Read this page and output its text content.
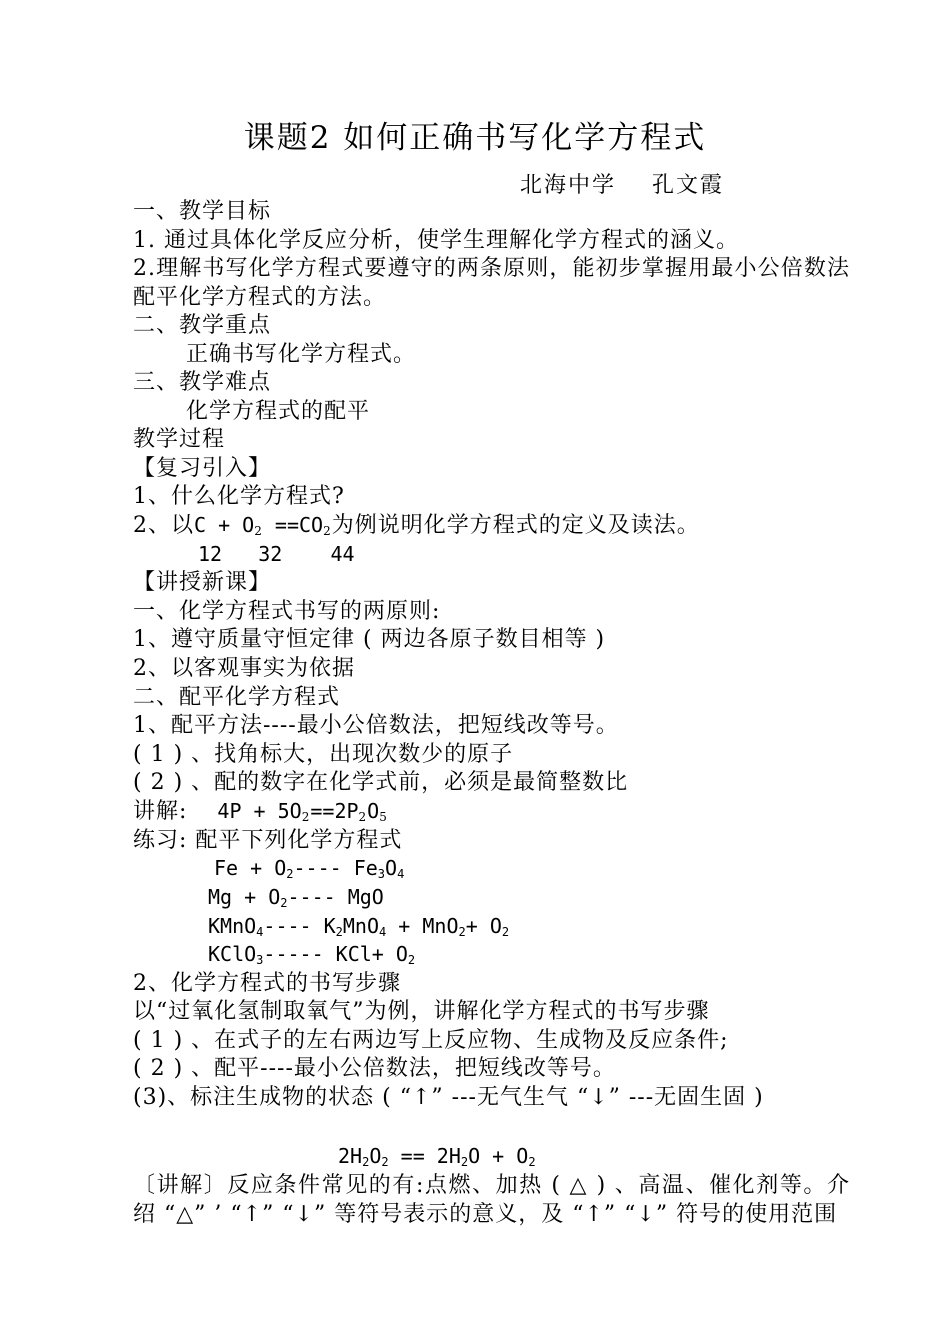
课题2 如何正确书写化学方程式
北海中学    孔文霞
一、教学目标
1. 通过具体化学反应分析，使学生理解化学方程式的涵义。
2.理解书写化学方程式要遵守的两条原则，能初步掌握用最小公倍数法配平化学方程式的方法。
二、教学重点
正确书写化学方程式。
三、教学难点
化学方程式的配平
教学过程
【复习引入】
1、什么化学方程式?
2、以$C + O_2 ==CO_2$为例说明化学方程式的定义及读法。
12   32    44
【讲授新课】
一、化学方程式书写的两原则:
1、遵守质量守恒定律 ( 两边各原子数目相等 )
2、以客观事实为依据
二、配平化学方程式
1、配平方法----最小公倍数法，把短线改等号。
( 1 ) 、找角标大，出现次数少的原子
( 2 ) 、配的数字在化学式前，必须是最简整数比
讲解: $4P + 5O_2==2P_2O_5$
练习: 配平下列化学方程式
$Fe + O_2----$ $Fe_3O_4$
$Mg + O_2----$ MgO
KMnO$_4$---- $K_2MnO_4 + MnO_2+ O_2$
KClO$_3$----- $KCl+ O_2$
2、化学方程式的书写步骤
以“过氧化氢制取氧气”为例，讲解化学方程式的书写步骤
( 1 ) 、在式子的左右两边写上反应物、生成物及反应条件;
( 2 ) 、配平----最小公倍数法，把短线改等号。
(3)、标注生成物的状态 ( “↑” ---无气生气 “↓” ---无固生固 )
$2H_2O_2 == 2H_2O + O_2$
〔讲解〕反应条件常见的有:点燃、加热 ( △ ) 、高温、催化剂等。介绍 “△” ’ “↑” “↓” 等符号表示的意义，及 “↑” “↓” 符号的使用范围
